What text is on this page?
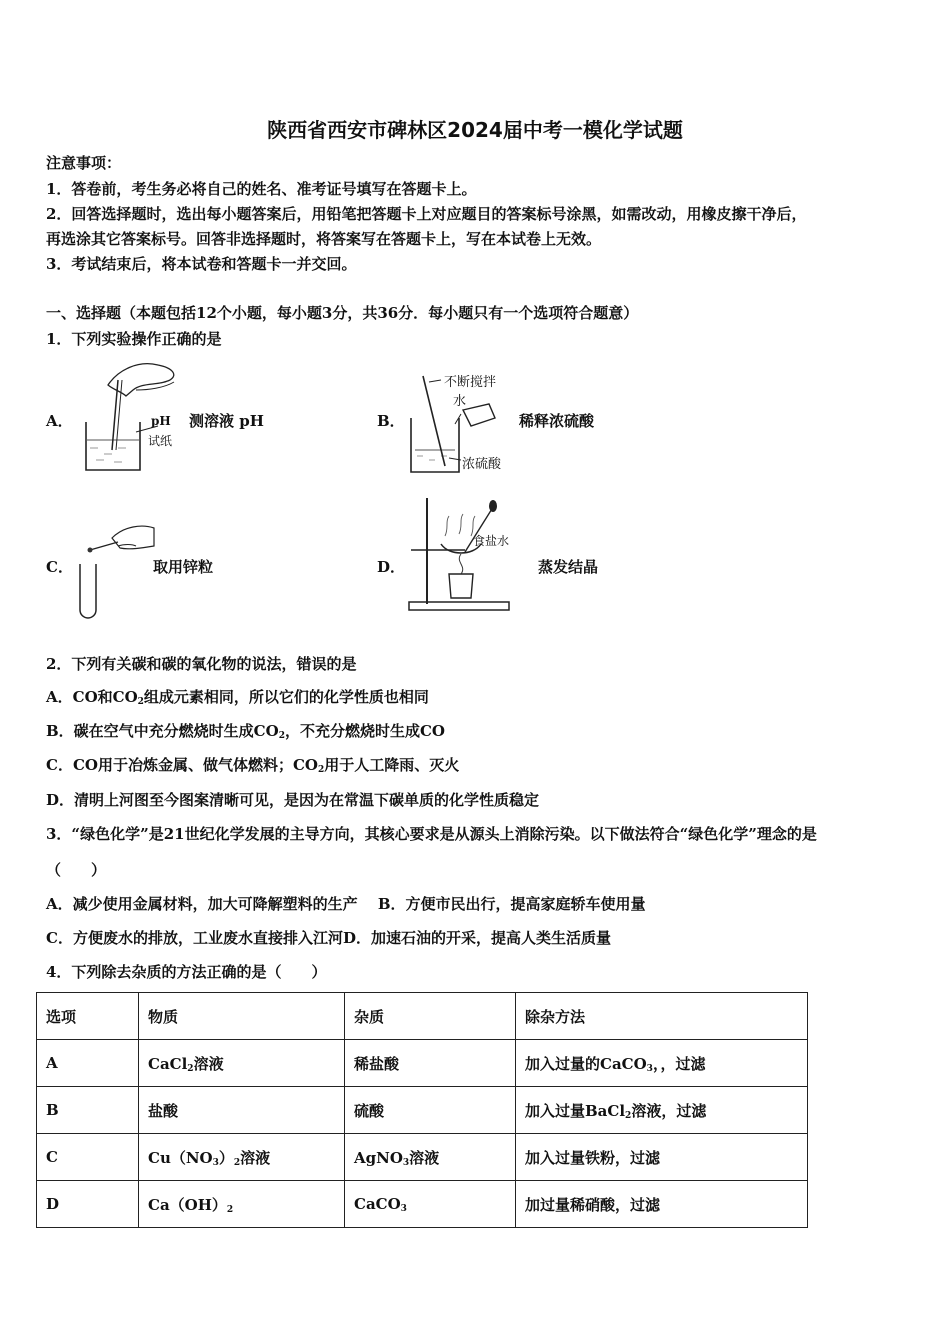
陕西省西安市碑林区2024届中考一模化学试题
注意事项：
1．答卷前，考生务必将自己的姓名、准考证号填写在答题卡上。
2．回答选择题时，选出每小题答案后，用铅笔把答题卡上对应题目的答案标号涂黑，如需改动，用橡皮擦干净后，
再选涂其它答案标号。回答非选择题时，将答案写在答题卡上，写在本试卷上无效。
3．考试结束后，将本试卷和答题卡一并交回。
一、选择题（本题包括12个小题，每小题3分，共36分．每小题只有一个选项符合题意）
1．下列实验操作正确的是
A．	pH
试纸
测溶液 pH	B．
不断搅拌
水
浓硫酸
稀释浓硫酸
C．	取用锌粒	D．
食盐水
蒸发结晶
2．下列有关碳和碳的氧化物的说法，错误的是
A．CO和$CO_2$组成元素相同，所以它们的化学性质也相同
B．碳在空气中充分燃烧时生成$CO_2$，不充分燃烧时生成CO
C．CO用于冶炼金属、做气体燃料；$CO_2$用于人工降雨、灭火
D．清明上河图至今图案清晰可见，是因为在常温下碳单质的化学性质稳定
3．“绿色化学”是21世纪化学发展的主导方向，其核心要求是从源头上消除污染。以下做法符合“绿色化学”理念的是
（　　）
A．减少使用金属材料，加大可降解塑料的生产　 B．方便市民出行，提高家庭轿车使用量
C．方便废水的排放，工业废水直接排入江河D．加速石油的开采，提高人类生活质量
4．下列除去杂质的方法正确的是（　　）
选项	物质	杂质	除杂方法
A	CaCl$_2$溶液	稀盐酸	加入过量的CaCO$_3$，，过滤
B	盐酸	硫酸	加入过量BaCl$_2$溶液，过滤
C	$Cu(NO_3)_2$溶液	AgNO$_3$溶液	加入过量铁粉，过滤
D	$Ca(OH)_2$	CaCO$_3$	加过量稀硝酸，过滤
